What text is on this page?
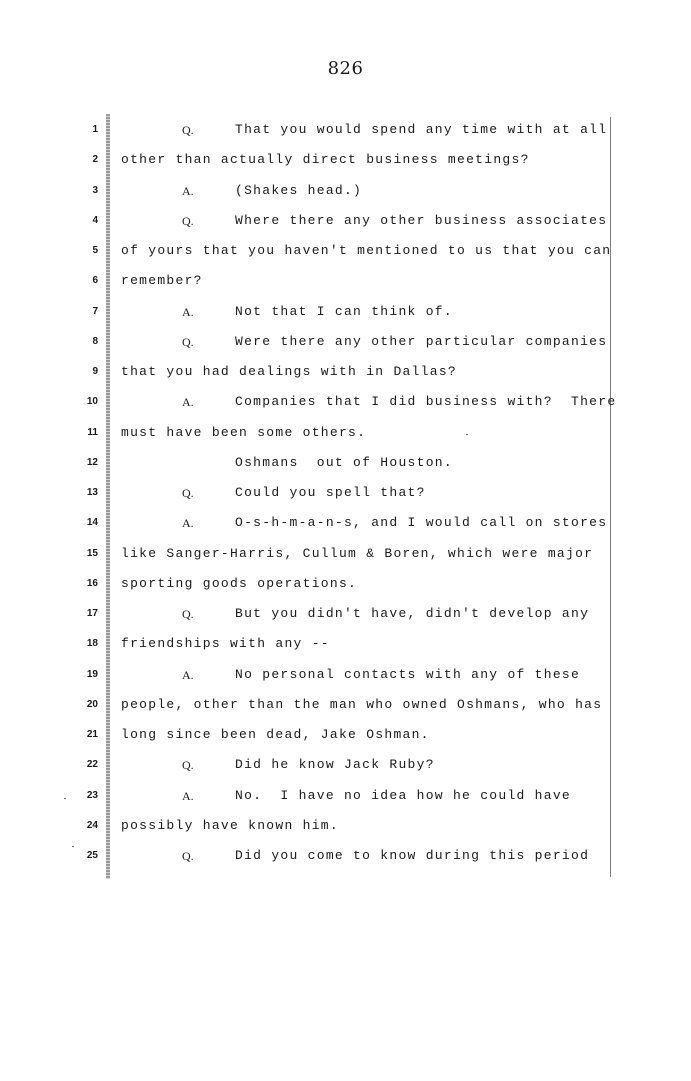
826
1
2
3
4
5
6
7
8
9
10
11
12
13
14
15
16
17
18
19
20
21
22
23
24
25
Q.	That you would spend any time with at all
other than actually direct business meetings?
A.	(Shakes head.)
Q.	Where there any other business associates
of yours that you haven't mentioned to us that you can
remember?
A.	Not that I can think of.
Q.	Were there any other particular companies
that you had dealings with in Dallas?
A.	Companies that I did business with?  There
must have been some others.
Oshmans  out of Houston.
Q.	Could you spell that?
A.	O-s-h-m-a-n-s, and I would call on stores
like Sanger-Harris, Cullum & Boren, which were major
sporting goods operations.
Q.	But you didn't have, didn't develop any
friendships with any --
A.	No personal contacts with any of these
people, other than the man who owned Oshmans, who has
long since been dead, Jake Oshman.
Q.	Did he know Jack Ruby?
A.	No.  I have no idea how he could have
possibly have known him.
Q.	Did you come to know during this period
